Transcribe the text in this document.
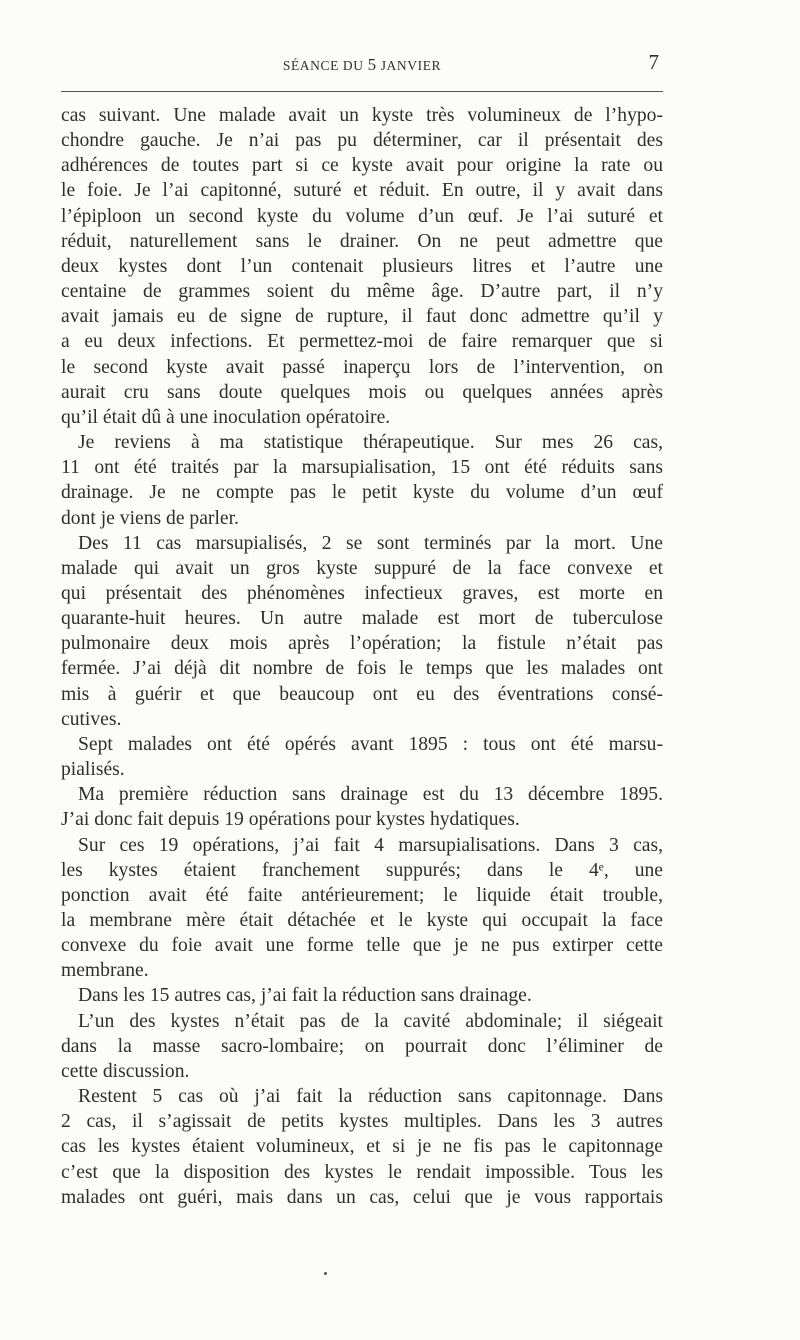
SÉANCE DU 5 JANVIER	7
cas suivant. Une malade avait un kyste très volumineux de l’hypo-
chondre gauche. Je n’ai pas pu déterminer, car il présentait des
adhérences de toutes part si ce kyste avait pour origine la rate ou
le foie. Je l’ai capitonné, suturé et réduit. En outre, il y avait dans
l’épiploon un second kyste du volume d’un œuf. Je l’ai suturé et
réduit, naturellement sans le drainer. On ne peut admettre que
deux kystes dont l’un contenait plusieurs litres et l’autre une
centaine de grammes soient du même âge. D’autre part, il n’y
avait jamais eu de signe de rupture, il faut donc admettre qu’il y
a eu deux infections. Et permettez-moi de faire remarquer que si
le second kyste avait passé inaperçu lors de l’intervention, on
aurait cru sans doute quelques mois ou quelques années après
qu’il était dû à une inoculation opératoire.
Je reviens à ma statistique thérapeutique. Sur mes 26 cas,
11 ont été traités par la marsupialisation, 15 ont été réduits sans
drainage. Je ne compte pas le petit kyste du volume d’un œuf
dont je viens de parler.
Des 11 cas marsupialisés, 2 se sont terminés par la mort. Une
malade qui avait un gros kyste suppuré de la face convexe et
qui présentait des phénomènes infectieux graves, est morte en
quarante-huit heures. Un autre malade est mort de tuberculose
pulmonaire deux mois après l’opération; la fistule n’était pas
fermée. J’ai déjà dit nombre de fois le temps que les malades ont
mis à guérir et que beaucoup ont eu des éventrations consé-
cutives.
Sept malades ont été opérés avant 1895 : tous ont été marsu-
pialisés.
Ma première réduction sans drainage est du 13 décembre 1895.
J’ai donc fait depuis 19 opérations pour kystes hydatiques.
Sur ces 19 opérations, j’ai fait 4 marsupialisations. Dans 3 cas,
les kystes étaient franchement suppurés; dans le 4ᵉ, une
ponction avait été faite antérieurement; le liquide était trouble,
la membrane mère était détachée et le kyste qui occupait la face
convexe du foie avait une forme telle que je ne pus extirper cette
membrane.
Dans les 15 autres cas, j’ai fait la réduction sans drainage.
L’un des kystes n’était pas de la cavité abdominale; il siégeait
dans la masse sacro-lombaire; on pourrait donc l’éliminer de
cette discussion.
Restent 5 cas où j’ai fait la réduction sans capitonnage. Dans
2 cas, il s’agissait de petits kystes multiples. Dans les 3 autres
cas les kystes étaient volumineux, et si je ne fis pas le capitonnage
c’est que la disposition des kystes le rendait impossible. Tous les
malades ont guéri, mais dans un cas, celui que je vous rapportais
